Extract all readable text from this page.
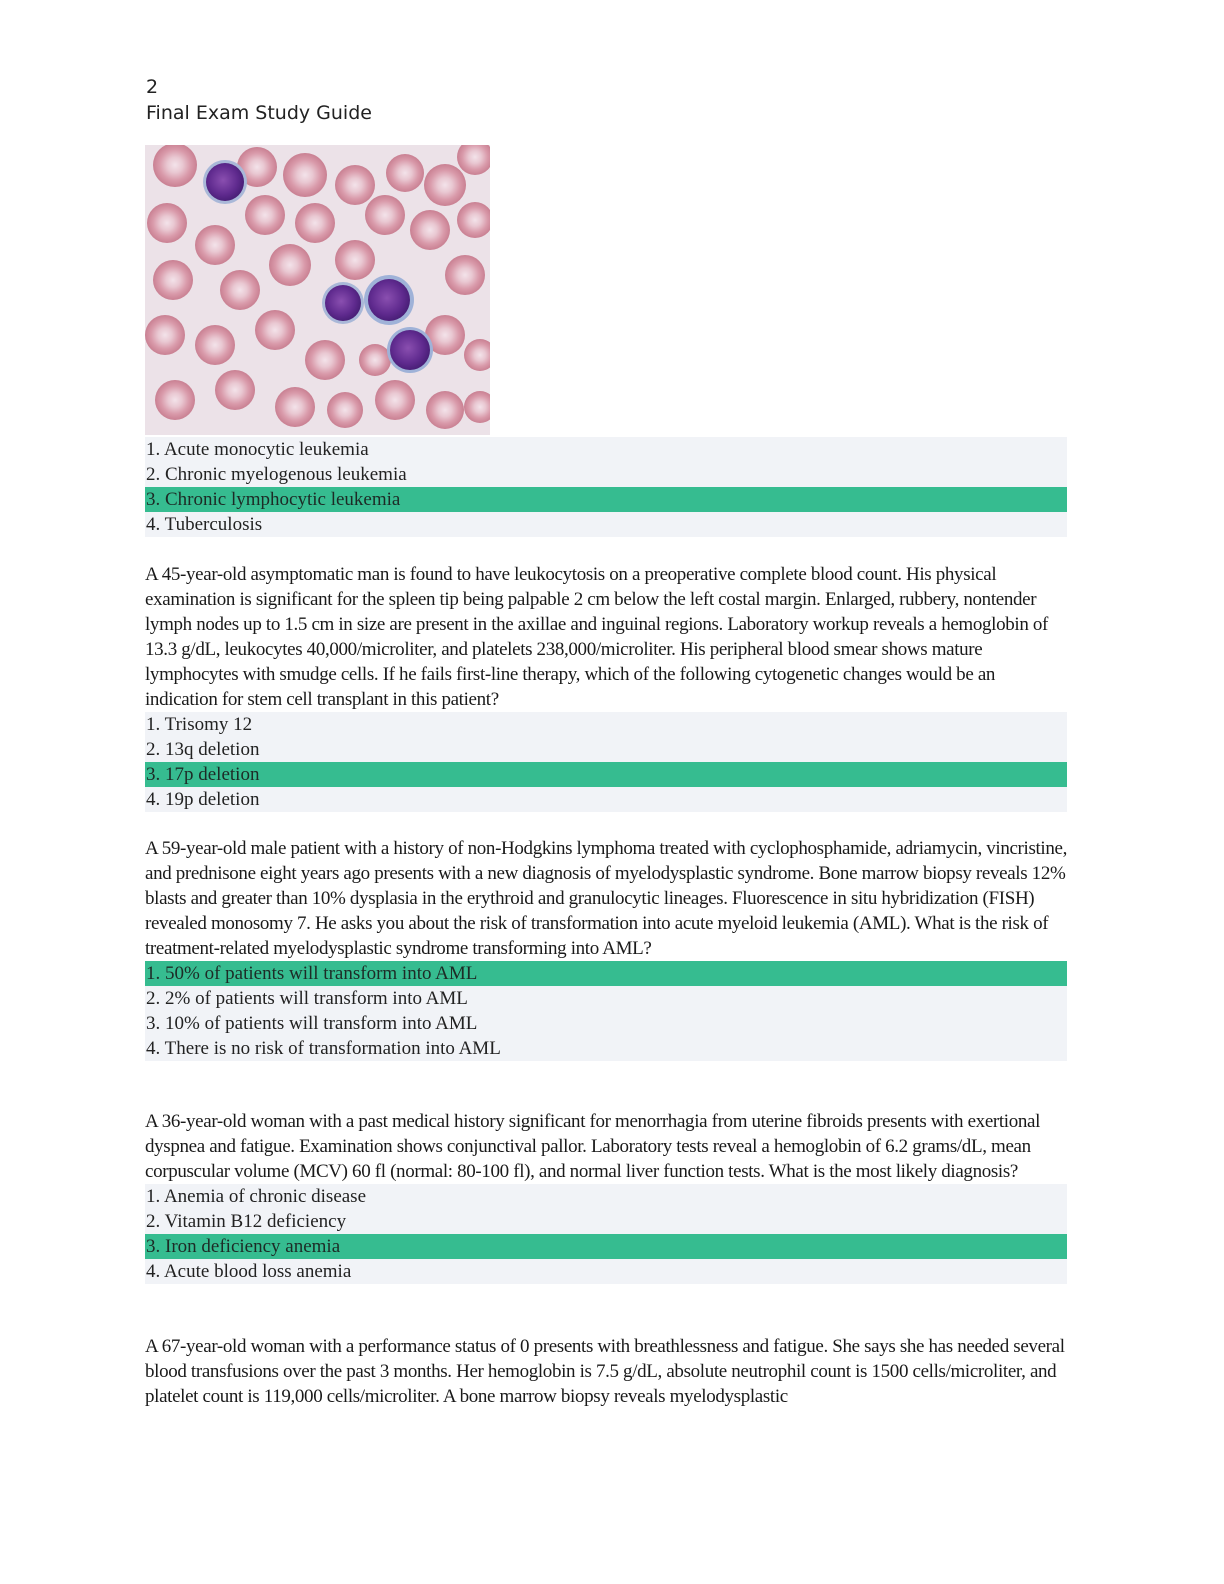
2
Final Exam Study Guide
1. Acute monocytic leukemia
2. Chronic myelogenous leukemia
3. Chronic lymphocytic leukemia
4. Tuberculosis

A 45-year-old asymptomatic man is found to have leukocytosis on a preoperative complete blood count. His physical examination is significant for the spleen tip being palpable 2 cm below the left costal margin. Enlarged, rubbery, nontender lymph nodes up to 1.5 cm in size are present in the axillae and inguinal regions. Laboratory workup reveals a hemoglobin of 13.3 g/dL, leukocytes 40,000/microliter, and platelets 238,000/microliter. His peripheral blood smear shows mature lymphocytes with smudge cells. If he fails first-line therapy, which of the following cytogenetic changes would be an indication for stem cell transplant in this patient?

1. Trisomy 12
2. 13q deletion
3. 17p deletion
4. 19p deletion

A 59-year-old male patient with a history of non-Hodgkins lymphoma treated with cyclophosphamide, adriamycin, vincristine, and prednisone eight years ago presents with a new diagnosis of myelodysplastic syndrome. Bone marrow biopsy reveals 12% blasts and greater than 10% dysplasia in the erythroid and granulocytic lineages. Fluorescence in situ hybridization (FISH) revealed monosomy 7. He asks you about the risk of transformation into acute myeloid leukemia (AML). What is the risk of treatment-related myelodysplastic syndrome transforming into AML?

1. 50% of patients will transform into AML
2. 2% of patients will transform into AML
3. 10% of patients will transform into AML
4. There is no risk of transformation into AML

A 36-year-old woman with a past medical history significant for menorrhagia from uterine fibroids presents with exertional dyspnea and fatigue. Examination shows conjunctival pallor. Laboratory tests reveal a hemoglobin of 6.2 grams/dL, mean corpuscular volume (MCV) 60 fl (normal: 80-100 fl), and normal liver function tests. What is the most likely diagnosis?

1. Anemia of chronic disease
2. Vitamin B12 deficiency
3. Iron deficiency anemia
4. Acute blood loss anemia

A 67-year-old woman with a performance status of 0 presents with breathlessness and fatigue. She says she has needed several blood transfusions over the past 3 months. Her hemoglobin is 7.5 g/dL, absolute neutrophil count is 1500 cells/microliter, and platelet count is 119,000 cells/microliter. A bone marrow biopsy reveals myelodysplastic
